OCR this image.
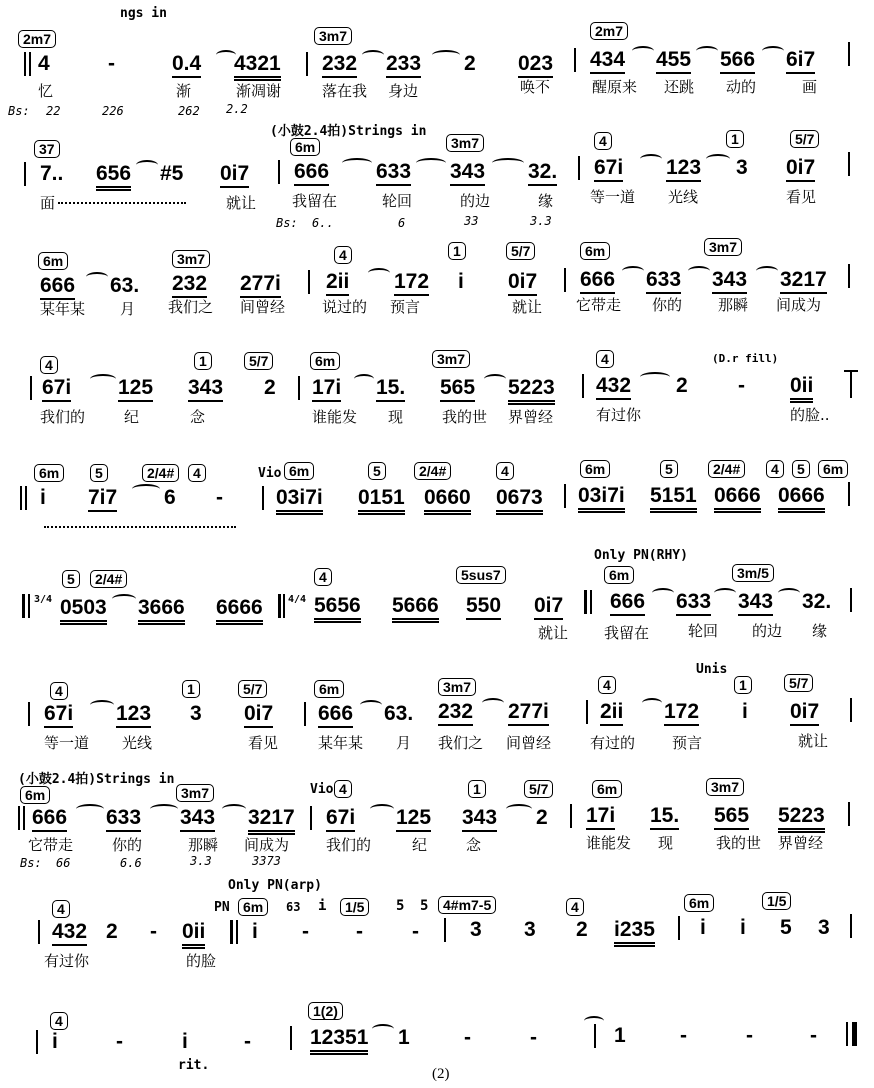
ngs in
2m7	3m7	2m7
4	-	0.4 4321 232 233 2 023 434 455 566 6i7
忆	渐	渐凋谢	落在我 身边	唤不	醒原来 还跳 动的	画
Bs: 22	226	262 2.2
(小鼓2.4拍)Strings in
37	6m	3m7	4	1	5/7
7.. 656 #5 0i7 666 633 343 32. 67i 123 3 0i7
面	就让 我留在	轮回	的边	缘 等一道 光线	看见
Bs: 6..	6	33	3.3
6m	3m7	4	1	5/7	6m	3m7
666 63. 232 277i 2ii 172 i 0i7 666 633 343 3217
某年某 月 我们之 间曾经 说过的 预言	就让 它带走 你的 那瞬 间成为
4	1	5/7	6m	3m7	4	(D.r fill)
67i 125 343 2 17i 15. 565 5223 432 2 - 0ii
我们的	纪	念	谁能发 现	我的世 界曾经	有过你	的脸..
6m	5	2/4#	4	Vio 6m	5	2/4#	4	6m	5	2/4#	4	5	6m
i 7i7 6 -	03i7i 0151 0660 0673 03i7i 5151 0666 0666
5	2/4#	4	5sus7	6m	3m/5
Only PN(RHY)
3/4 0503 3666 6666	4/4 5656 5666 550 0i7 666 633 343 32.
就让 我留在	轮回 的边 缘
Unis
4	1	5/7	6m	3m7	4	1	5/7
67i 123 3 0i7 666 63. 232 277i 2ii 172 i 0i7
等一道 光线	看见	某年某 月 我们之 间曾经	有过的 预言	就让
(小鼓2.4拍)Strings in
Vio
6m	3m7	4	1	5/7	6m	3m7
666 633 343 3217 67i 125 343 2 17i 15. 565 5223
它带走	你的	那瞬 间成为 我们的	纪	念	谁能发 现	我的世 界曾经
Bs: 66	6.6	3.3	3373
Only PN(arp)
PN
4	6m	63 i	1/5	5 5	4#m7-5	4	6m	1/5
432 2 - 0ii i - - - 3 3 2 i235 i i 5 3
有过你	的脸
4
1(2)
i	-	i	-	12351 1	-	-	1	-	-	-
rit.
(2)
